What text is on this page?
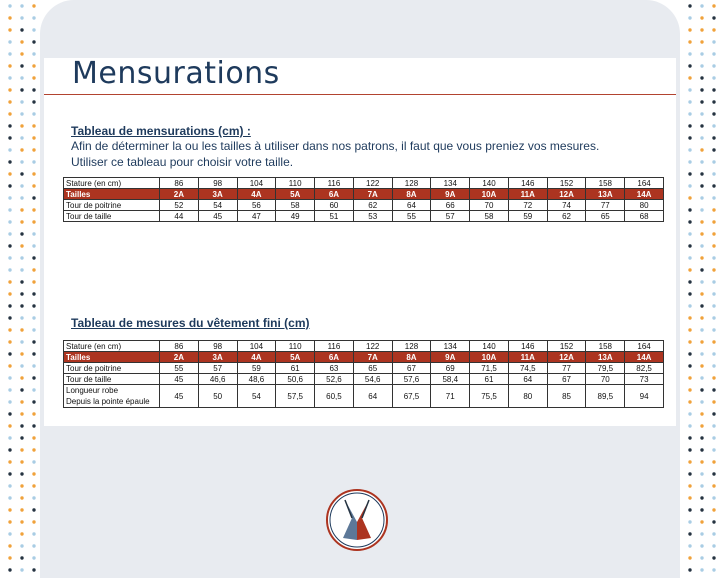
Mensurations
Tableau de mensurations (cm) :

Afin de déterminer la ou les tailles à utiliser dans nos patrons, il faut que vous preniez vos mesures.

Utiliser ce tableau pour choisir votre taille.

Stature (en cm)	86	98	104	110	116	122	128	134	140	146	152	158	164
Tailles	2A	3A	4A	5A	6A	7A	8A	9A	10A	11A	12A	13A	14A
Tour de poitrine	52	54	56	58	60	62	64	66	70	72	74	77	80
Tour de taille	44	45	47	49	51	53	55	57	58	59	62	65	68
Tableau de mesures du vêtement fini (cm)
Stature (en cm)	86	98	104	110	116	122	128	134	140	146	152	158	164
Tailles	2A	3A	4A	5A	6A	7A	8A	9A	10A	11A	12A	13A	14A
Tour de poitrine	55	57	59	61	63	65	67	69	71,5	74,5	77	79,5	82,5
Tour de taille	45	46,6	48,6	50,6	52,6	54,6	57,6	58,4	61	64	67	70	73
Longueur robe
Depuis la pointe épaule	45	50	54	57,5	60,5	64	67,5	71	75,5	80	85	89,5	94
